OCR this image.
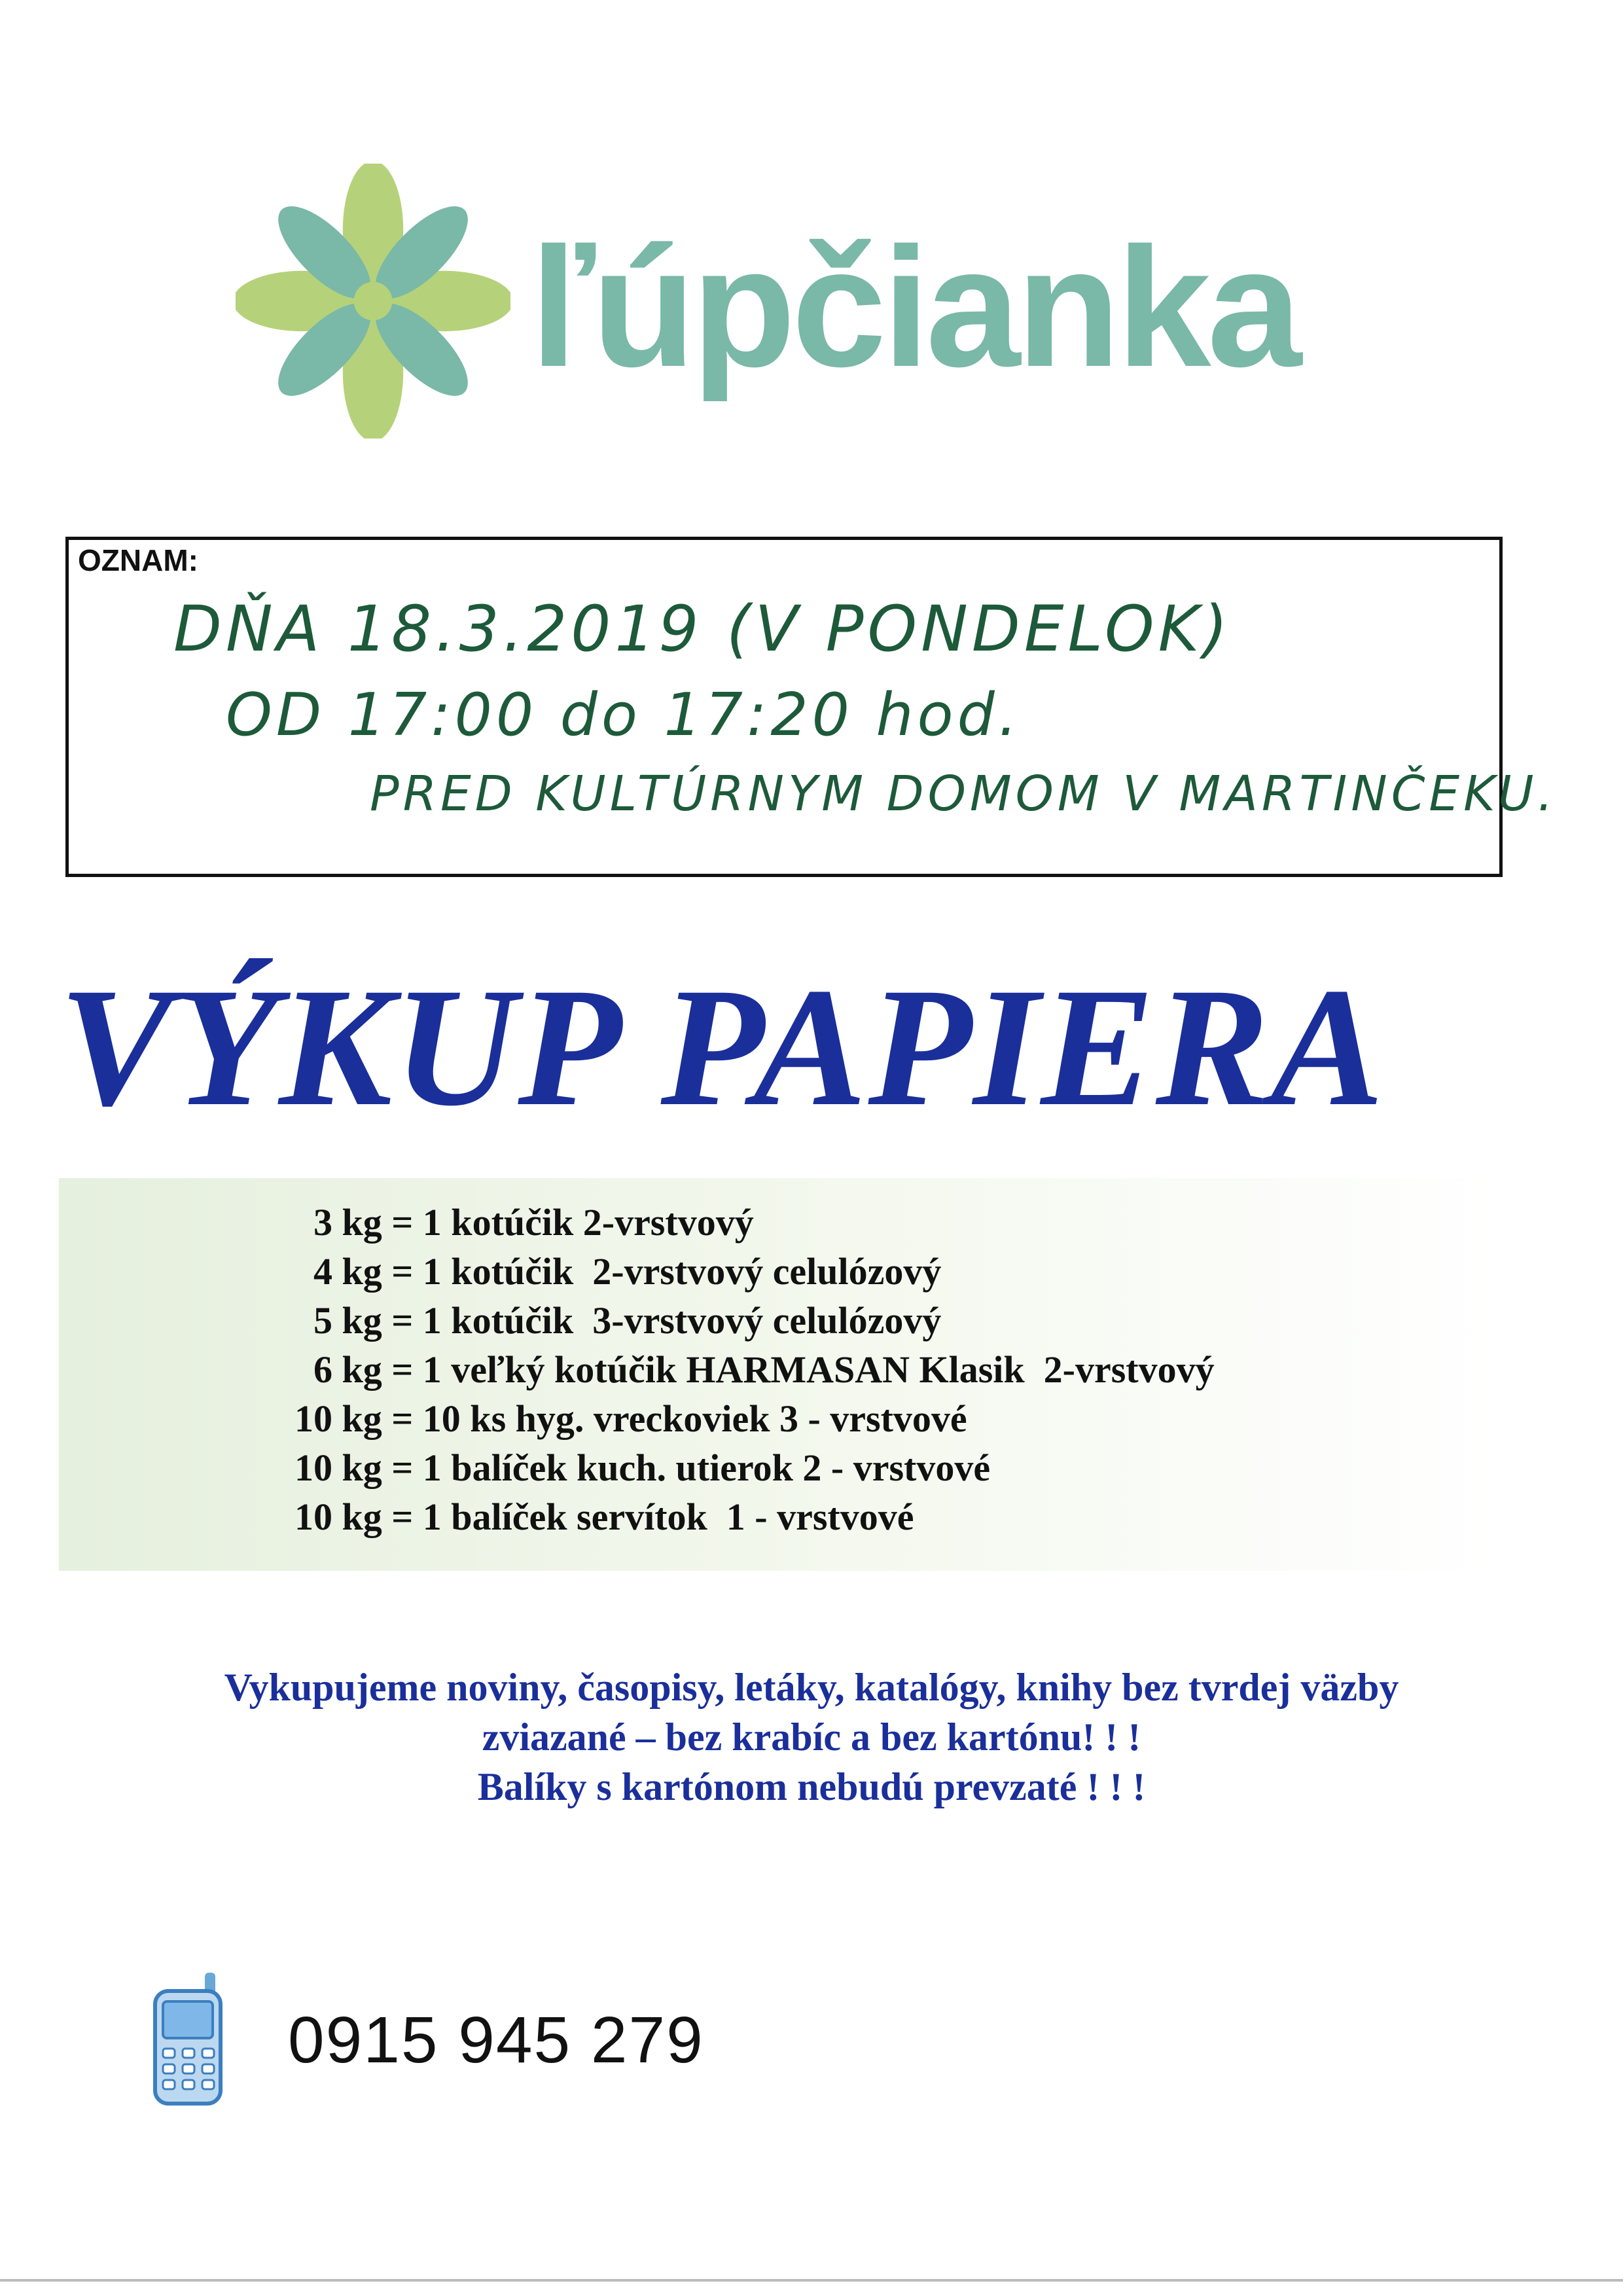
ľúpčianka
OZNAM:
DŇA 18.3.2019 (V PONDELOK)
OD 17:00 do 17:20 hod.
PRED KULTÚRNYM DOMOM V MARTINČEKU.
VÝKUP PAPIERA
3 kg = 1 kotúčik 2-vrstvový
4 kg = 1 kotúčik  2-vrstvový celulózový
5 kg = 1 kotúčik  3-vrstvový celulózový
6 kg = 1 veľký kotúčik HARMASAN Klasik  2-vrstvový
10 kg = 10 ks hyg. vreckoviek 3 - vrstvové
10 kg = 1 balíček kuch. utierok 2 - vrstvové
10 kg = 1 balíček servítok  1 - vrstvové
Vykupujeme noviny, časopisy, letáky, katalógy, knihy bez tvrdej väzby
zviazané – bez krabíc a bez kartónu! ! !
Balíky s kartónom nebudú prevzaté ! ! !
0915 945 279
